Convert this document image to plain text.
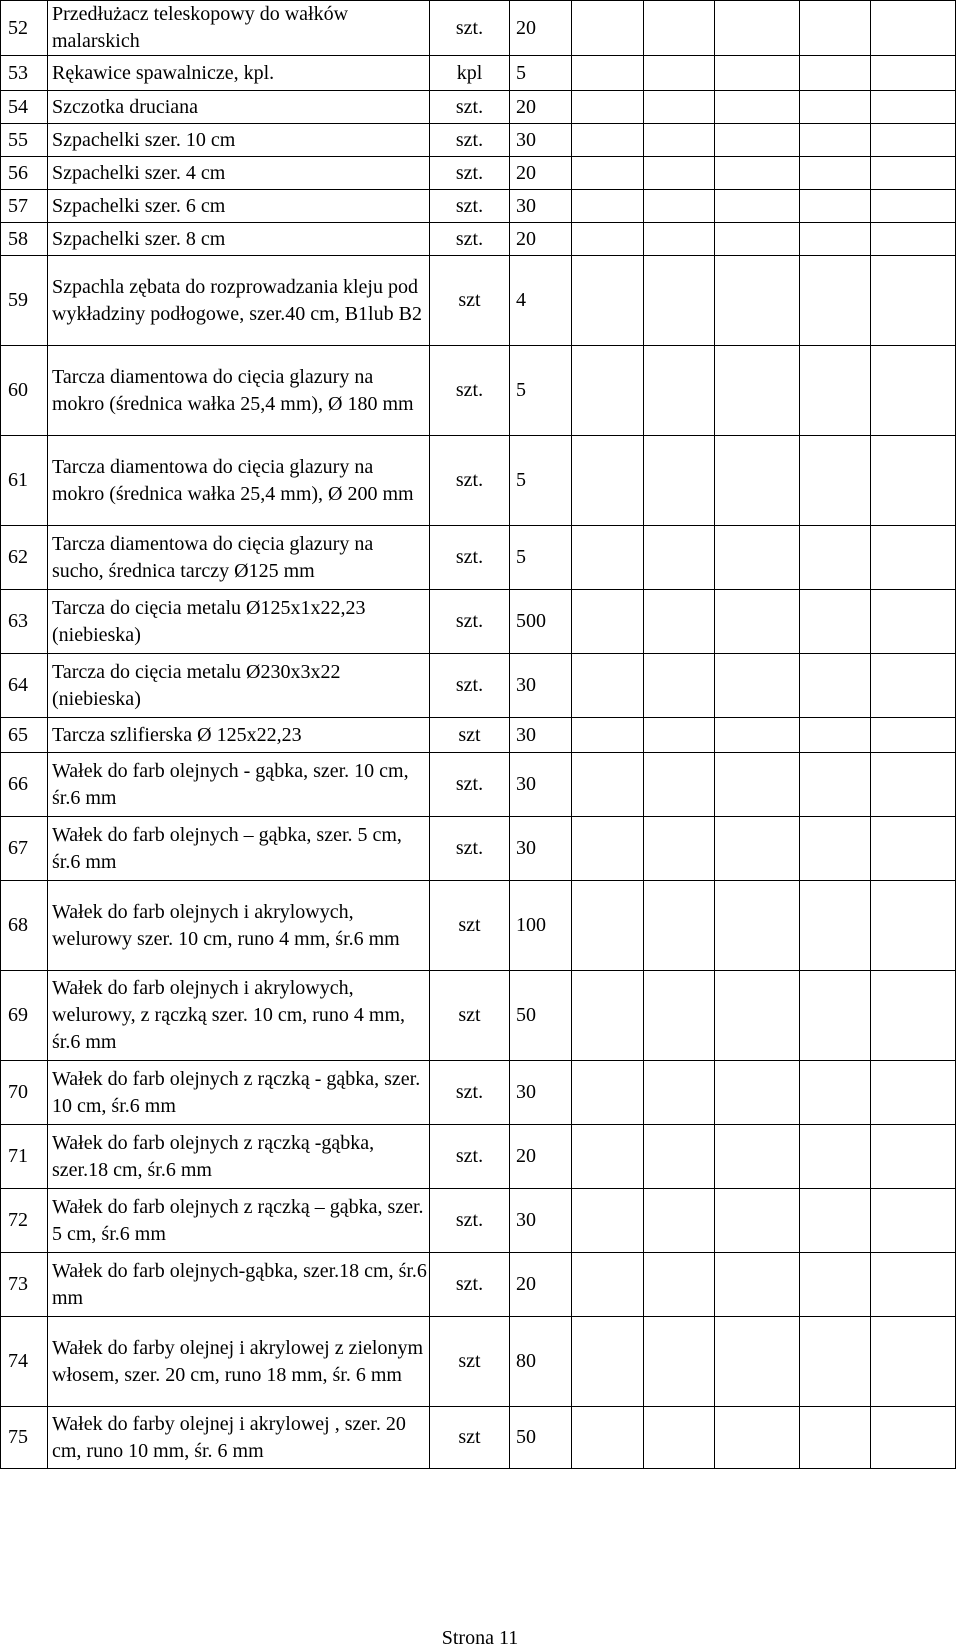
52	Przedłużacz teleskopowy do wałków malarskich	szt.	20					
53	Rękawice spawalnicze, kpl.	kpl	5					
54	Szczotka druciana	szt.	20					
55	Szpachelki szer. 10 cm	szt.	30					
56	Szpachelki szer. 4 cm	szt.	20					
57	Szpachelki szer. 6 cm	szt.	30					
58	Szpachelki szer. 8 cm	szt.	20					
59	Szpachla zębata do rozprowadzania kleju pod wykładziny podłogowe, szer.40 cm, B1lub B2	szt	4					
60	Tarcza diamentowa do cięcia glazury na mokro (średnica wałka 25,4 mm), Ø 180 mm	szt.	5					
61	Tarcza diamentowa do cięcia glazury na mokro (średnica wałka 25,4 mm), Ø 200 mm	szt.	5					
62	Tarcza diamentowa do cięcia glazury na sucho, średnica tarczy Ø125 mm	szt.	5					
63	Tarcza do cięcia metalu Ø125x1x22,23 (niebieska)	szt.	500					
64	Tarcza do cięcia metalu Ø230x3x22 (niebieska)	szt.	30					
65	Tarcza szlifierska Ø 125x22,23	szt	30					
66	Wałek do farb olejnych - gąbka, szer. 10 cm, śr.6 mm	szt.	30					
67	Wałek do farb olejnych – gąbka, szer. 5 cm, śr.6 mm	szt.	30					
68	Wałek do farb olejnych i akrylowych, welurowy szer. 10 cm, runo 4 mm, śr.6 mm	szt	100					
69	Wałek do farb olejnych i akrylowych, welurowy, z rączką szer. 10 cm, runo 4 mm, śr.6 mm	szt	50					
70	Wałek do farb olejnych z rączką - gąbka, szer. 10 cm, śr.6 mm	szt.	30					
71	Wałek do farb olejnych z rączką -gąbka, szer.18 cm, śr.6 mm	szt.	20					
72	Wałek do farb olejnych z rączką – gąbka, szer. 5 cm, śr.6 mm	szt.	30					
73	Wałek do farb olejnych-gąbka, szer.18 cm, śr.6 mm	szt.	20					
74	Wałek do farby olejnej i akrylowej z zielonym włosem, szer. 20 cm, runo 18 mm, śr. 6 mm	szt	80					
75	Wałek do farby olejnej i akrylowej , szer. 20 cm, runo 10 mm, śr. 6 mm	szt	50					
Strona 11
